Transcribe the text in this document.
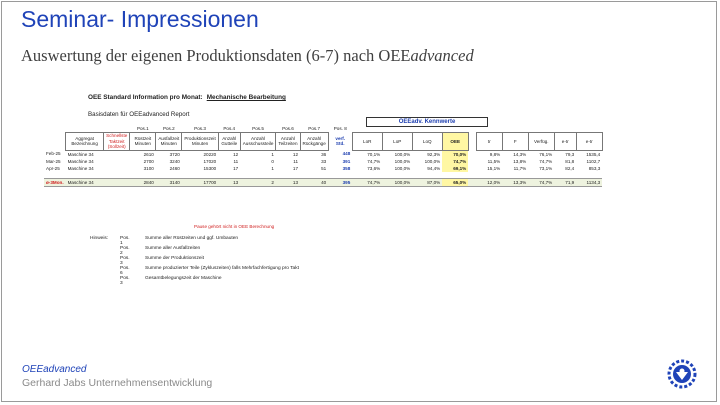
Seminar- Impressionen
Auswertung der eigenen Produktionsdaten (6-7) nach OEEadvanced
OEE Standard Information pro Monat: Mechanische Bearbeitung
Basisdaten für OEEadvanced Report
OEEadv. Kennwerte
			Pos.1	Pos.2	Pos.3	Pos.4	Pos.5	Pos.6	Pos.7	Pos. 8										
	Aggregat Bezeichnung	Schnellste Taktzeit (Sollzeit)	Rüstzeit Minuten	Ausfallzeit Minuten	Produktionszeit Minuten	Anzahl Gutteile	Anzahl Ausschussteile	Anzahl Teilzeiten	Anzahl Rückgänge	verf. Std.	LoR	LoP	LoQ	OEE		tr	F	Verfüg.	e-tr	e-tr
Feb-25	Maschine 34		2610	3720	20220	12	1	12	36	448	70,1%	100,0%	92,3%	70,0%		9,8%	14,3%	76,1%	79,3	1535,4
Mar-25	Maschine 34		2700	3240	17020	11	0	11	33	391	74,7%	100,0%	100,0%	74,7%		11,5%	13,8%	74,7%	81,8	1102,7
Apr-25	Maschine 34		3100	2460	15300	17	1	17	51	358	73,6%	100,0%	94,4%	69,1%		15,1%	11,7%	73,1%	82,4	853,3

ø-3Mon.	Maschine 34		2840	3140	17700	13	2	13	40	395	74,7%	100,0%	87,0%	65,0%		12,0%	13,3%	74,7%	71,9	1134,3
Pause gehört nicht in OEE Berechnung
Hinweis: Pos. 1
Summe aller Rüstzeiten und ggf. Umbauten
Pos. 2
Summe aller Ausfallzeiten
Pos. 3
Summe der Produktionszeit
Pos. 6
Summe produzierter Teile (Zykluszeiten) falls Mehrfachfertigung pro Takt
Pos. 3
Gesamtbelegungszeit der Maschine
OEEadvanced
Gerhard Jabs Unternehmensentwicklung
